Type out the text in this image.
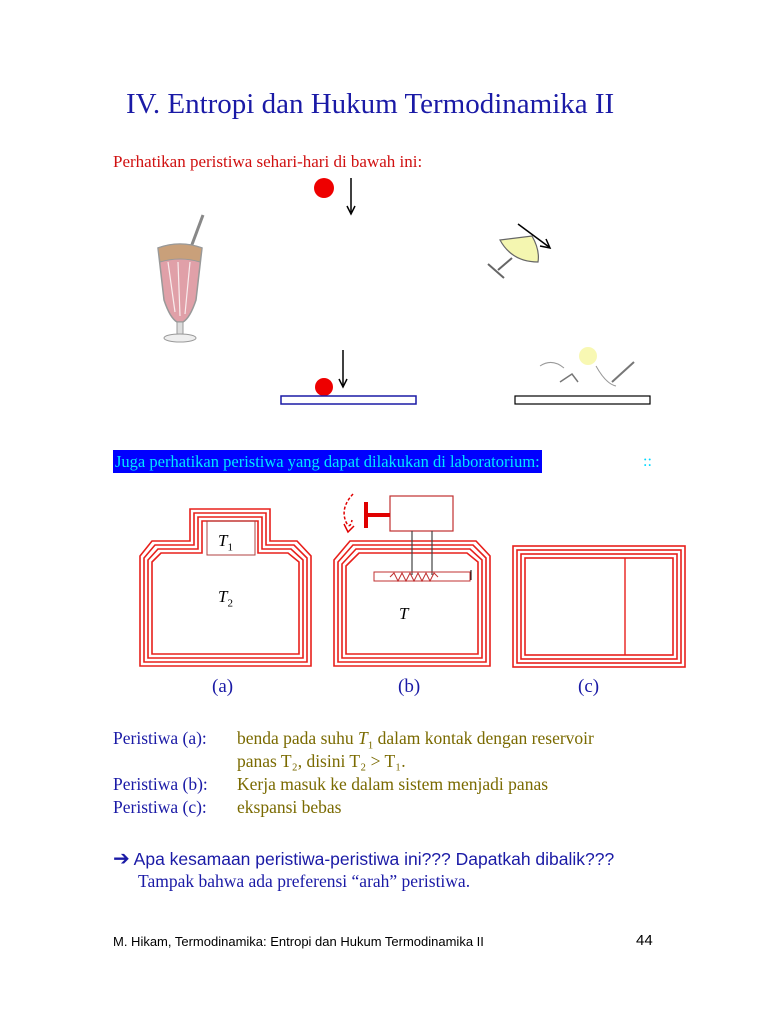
IV. Entropi dan Hukum Termodinamika II
Perhatikan peristiwa sehari-hari di bawah ini:
Juga perhatikan peristiwa yang dapat dilakukan di laboratorium:	::
$T_1$
$T_2$
T
(a)	(b)	(c)
Peristiwa (a): benda pada suhu $T_1$ dalam kontak dengan reservoir
panas T₂, disini T₂ > T₁.
Peristiwa (b): Kerja masuk ke dalam sistem menjadi panas
Peristiwa (c): ekspansi bebas
➔ Apa kesamaan peristiwa-peristiwa ini??? Dapatkah dibalik???
Tampak bahwa ada preferensi “arah” peristiwa.
M. Hikam, Termodinamika: Entropi dan Hukum Termodinamika II	44
